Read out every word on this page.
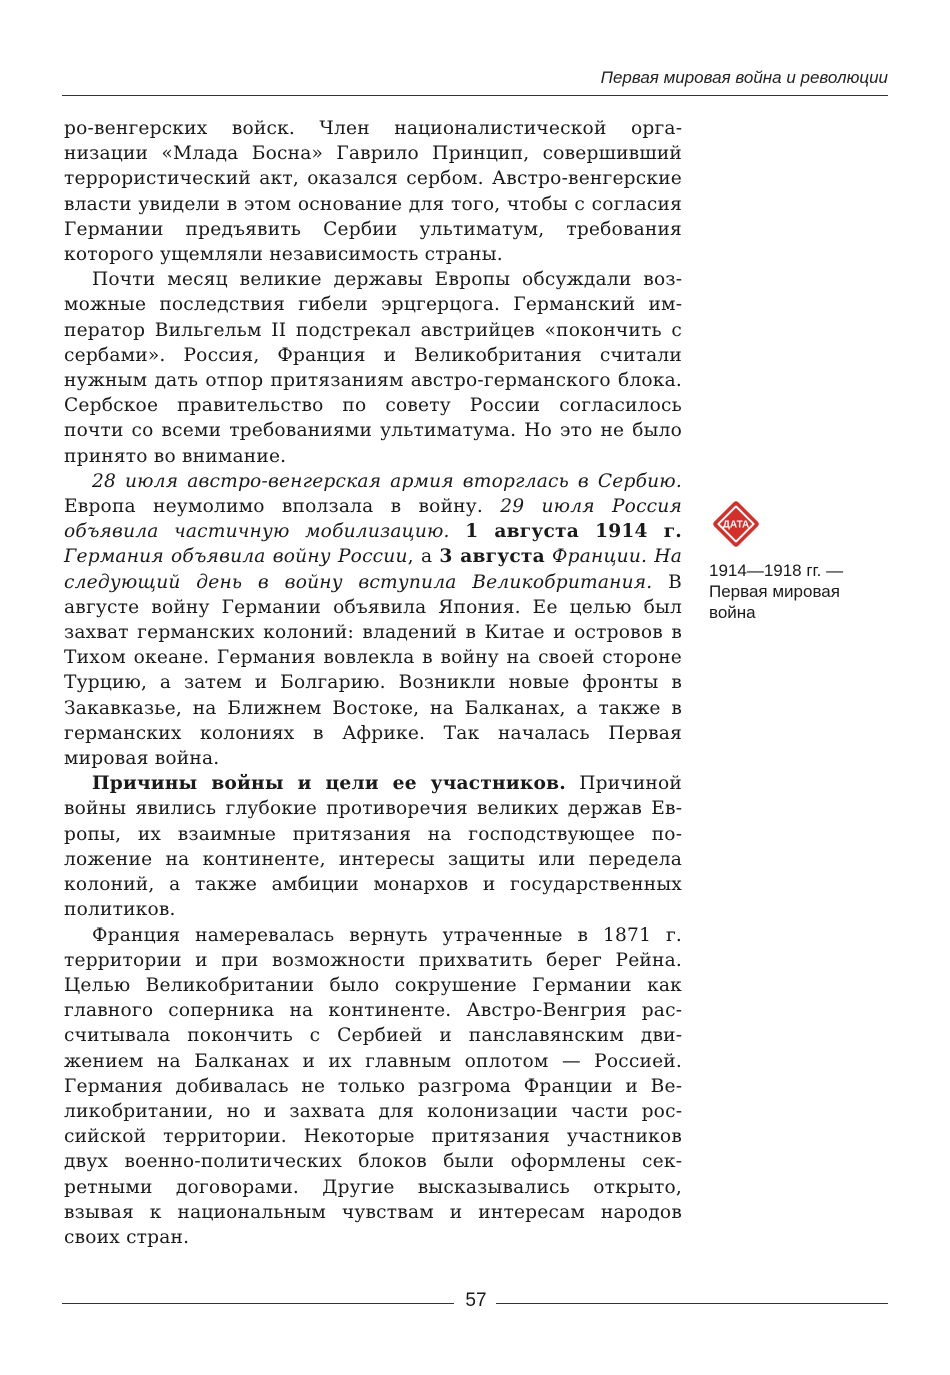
Первая мировая война и революции

ро-венгерских войск. Член националистической организации «Млада Босна» Гаврило Принцип, совершивший террористический акт, оказался сербом. Австро-венгерские власти увидели в этом основание для того, чтобы с согласия Германии предъявить Сербии ультиматум, требования которого ущемляли независимость страны.

Почти месяц великие державы Европы обсуждали возможные последствия гибели эрцгерцога. Германский император Вильгельм II подстрекал австрийцев «покончить с сербами». Россия, Франция и Великобритания считали нужным дать отпор притязаниям австро-германского блока. Сербское правительство по совету России согласилось почти со всеми требованиями ультиматума. Но это не было принято во внимание.

28 июля австро-венгерская армия вторглась в Сербию. Европа неумолимо вползала в войну. 29 июля Россия объявила частичную мобилизацию. 1 августа 1914 г. Германия объявила войну России, а 3 августа Франции. На следующий день в войну вступила Великобритания. В августе войну Германии объявила Япония. Ее целью был захват германских колоний: владений в Китае и островов в Тихом океане. Германия вовлекла в войну на своей стороне Турцию, а затем и Болгарию. Возникли новые фронты в Закавказье, на Ближнем Востоке, на Балканах, а также в германских колониях в Африке. Так началась Первая мировая война.

Причины войны и цели ее участников. Причиной войны явились глубокие противоречия великих держав Европы, их взаимные притязания на господствующее положение на континенте, интересы защиты или передела колоний, а также амбиции монархов и государственных политиков.

Франция намеревалась вернуть утраченные в 1871 г. территории и при возможности прихватить берег Рейна. Целью Великобритании было сокрушение Германии как главного соперника на континенте. Австро-Венгрия рассчитывала покончить с Сербией и панславянским движением на Балканах и их главным оплотом — Россией. Германия добивалась не только разгрома Франции и Великобритании, но и захвата для колонизации части российской территории. Некоторые притязания участников двух военно-политических блоков были оформлены секретными договорами. Другие высказывались открыто, взывая к национальным чувствам и интересам народов своих стран.

ДАТА
1914—1918 гг. — Первая мировая война
57
